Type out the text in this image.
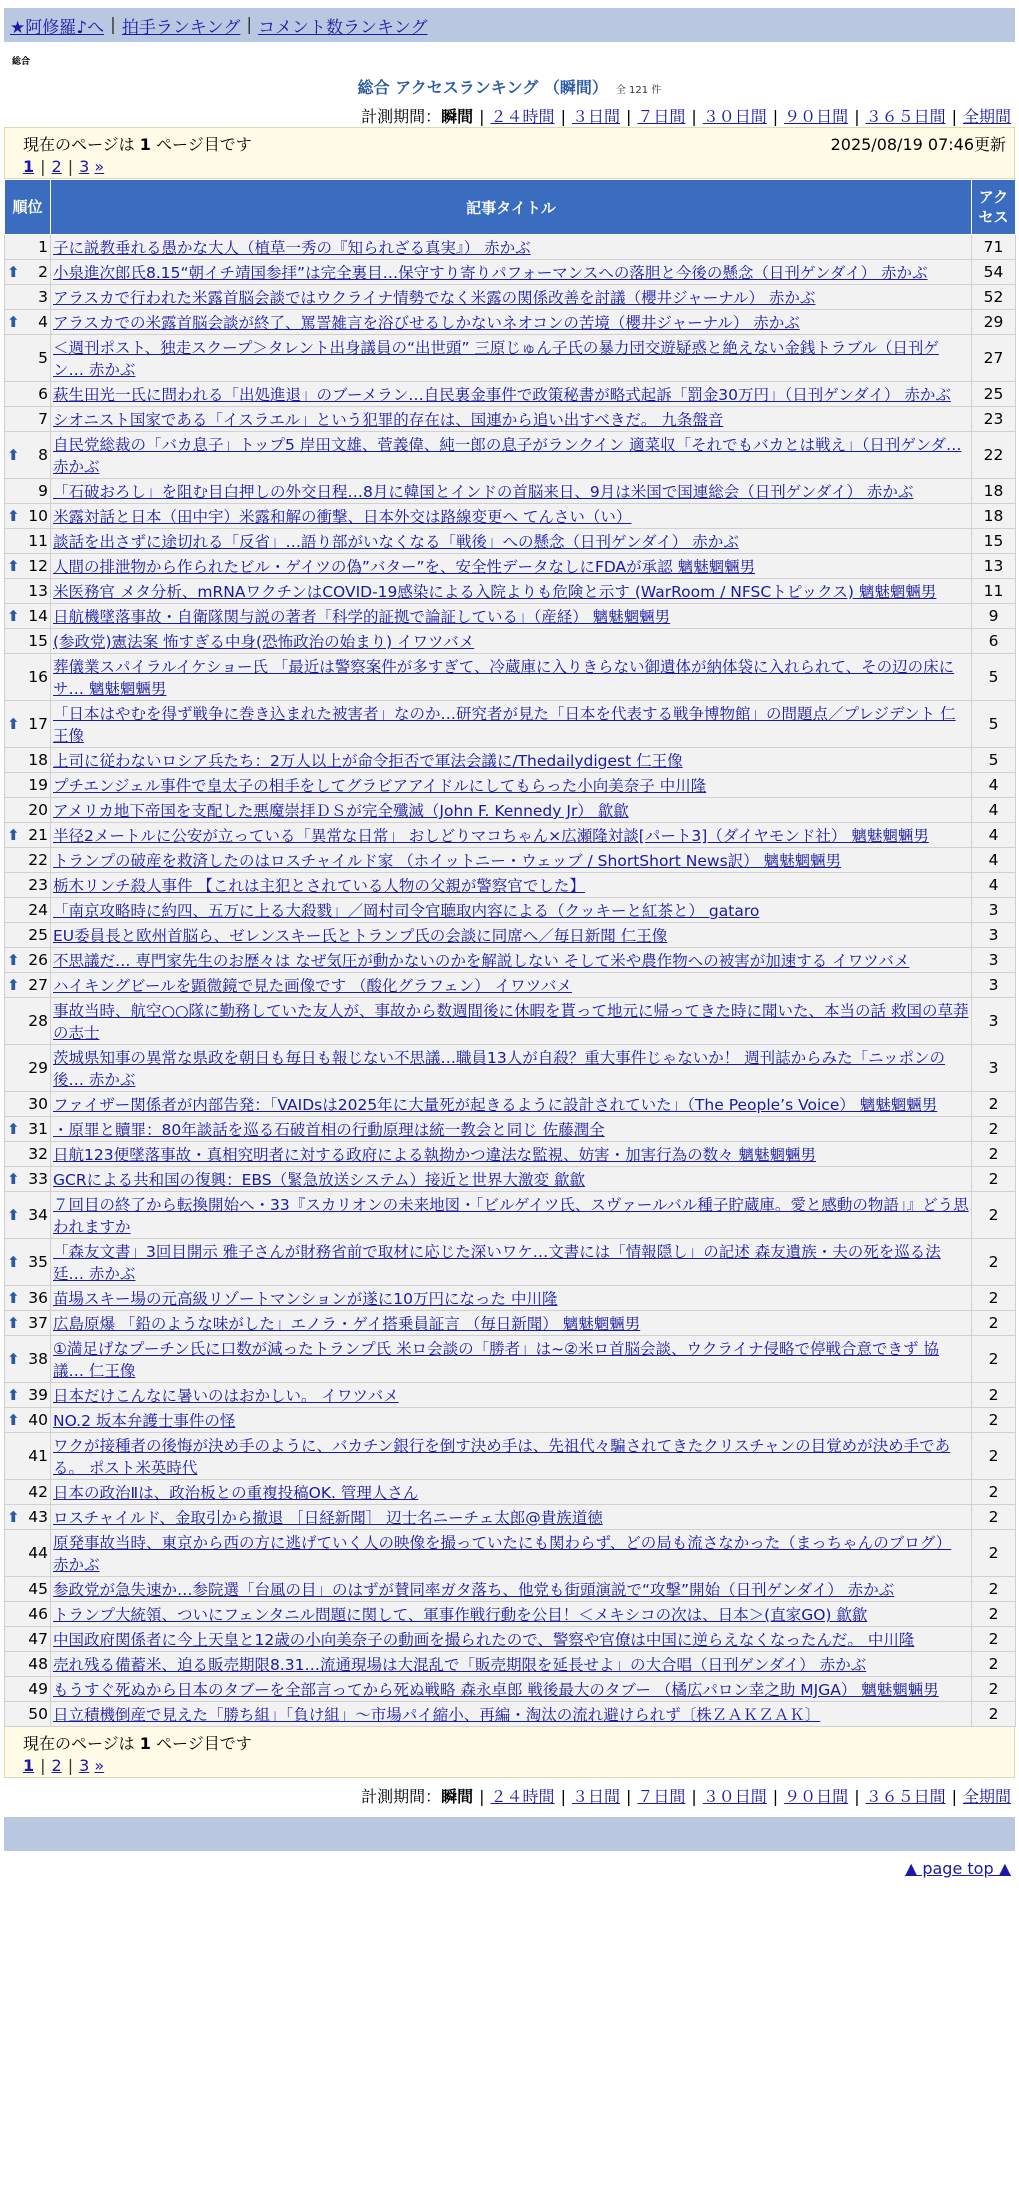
★阿修羅♪へ | 拍手ランキング | コメント数ランキング
総合
総合 アクセスランキング （瞬間） 全 121 件
計測期間：瞬間 | ２４時間 | ３日間 | ７日間 | ３０日間 | ９０日間 | ３６５日間 | 全期間
現在のページは 1 ページ目です	2025/08/19 07:46更新
1 | 2 | 3 »
順位	記事タイトル	アクセス
1	子に説教垂れる愚かな大人（植草一秀の『知られざる真実』） 赤かぶ	71

⬆ 2	小泉進次郎氏8.15“朝イチ靖国参拝”は完全裏目…保守すり寄りパフォーマンスへの落胆と今後の懸念（日刊ゲンダイ） 赤かぶ	54
3	アラスカで行われた米露首脳会談ではウクライナ情勢でなく米露の関係改善を討議（櫻井ジャーナル） 赤かぶ	52

⬆ 4	アラスカでの米露首脳会談が終了、罵詈雑言を浴びせるしかないネオコンの苦境（櫻井ジャーナル） 赤かぶ	29
5	＜週刊ポスト、独走スクープ＞タレント出身議員の“出世頭” 三原じゅん子氏の暴力団交遊疑惑と絶えない金銭トラブル（日刊ゲン… 赤かぶ	27
6	萩生田光一氏に問われる「出処進退」のブーメラン…自民裏金事件で政策秘書が略式起訴「罰金30万円」（日刊ゲンダイ） 赤かぶ	25
7	シオニスト国家である「イスラエル」という犯罪的存在は、国連から追い出すべきだ。 九条盤音	23

⬆ 8	自民党総裁の「バカ息子」トップ5 岸田文雄、菅義偉、純一郎の息子がランクイン 適菜収「それでもバカとは戦え」（日刊ゲンダ… 赤かぶ	22
9	「石破おろし」を阻む目白押しの外交日程…8月に韓国とインドの首脳来日、9月は米国で国連総会（日刊ゲンダイ） 赤かぶ	18

⬆ 10	米露対話と日本（田中宇）米露和解の衝撃、日本外交は路線変更へ てんさい（い）	18
11	談話を出さずに途切れる「反省」…語り部がいなくなる「戦後」への懸念（日刊ゲンダイ） 赤かぶ	15

⬆ 12	人間の排泄物から作られたビル・ゲイツの偽”バター”を、安全性データなしにFDAが承認 魑魅魍魎男	13
13	米医務官 メタ分析、mRNAワクチンはCOVID-19感染による入院よりも危険と示す (WarRoom / NFSCトピックス) 魑魅魍魎男	11

⬆ 14	日航機墜落事故・自衛隊関与説の著者「科学的証拠で論証している」（産経） 魑魅魍魎男	9
15	(参政党)憲法案 怖すぎる中身(恐怖政治の始まり) イワツバメ	6
16	葬儀業スパイラルイケショー氏 「最近は警察案件が多すぎて、冷蔵庫に入りきらない御遺体が納体袋に入れられて、その辺の床にサ… 魑魅魍魎男	5

⬆ 17	「日本はやむを得ず戦争に巻き込まれた被害者」なのか…研究者が見た「日本を代表する戦争博物館」の問題点／プレジデント 仁王像	5
18	上司に従わないロシア兵たち：2万人以上が命令拒否で軍法会議に/Thedailydigest 仁王像	5
19	プチエンジェル事件で皇太子の相手をしてグラビアアイドルにしてもらった小向美奈子 中川隆	4
20	アメリカ地下帝国を支配した悪魔崇拝ＤＳが完全殲滅（John F. Kennedy Jr） 歙歙	4

⬆ 21	半径2メートルに公安が立っている「異常な日常」 おしどりマコちゃん×広瀬隆対談[パート3]（ダイヤモンド社） 魑魅魍魎男	4
22	トランプの破産を救済したのはロスチャイルド家 （ホイットニー・ウェッブ / ShortShort News訳） 魑魅魍魎男	4
23	栃木リンチ殺人事件 【これは主犯とされている人物の父親が警察官でした】	4
24	「南京攻略時に約四、五万に上る大殺戮」／岡村司令官聴取内容による（クッキーと紅茶と） gataro	3
25	EU委員長と欧州首脳ら、ゼレンスキー氏とトランプ氏の会談に同席へ／毎日新聞 仁王像	3

⬆ 26	不思議だ… 専門家先生のお歴々は なぜ気圧が動かないのかを解説しない そして米や農作物への被害が加速する イワツバメ	3

⬆ 27	ハイキングビールを顕微鏡で見た画像です （酸化グラフェン） イワツバメ	3
28	事故当時、航空○○隊に勤務していた友人が、事故から数週間後に休暇を貰って地元に帰ってきた時に聞いた、本当の話 救国の草莽の志士	3
29	茨城県知事の異常な県政を朝日も毎日も報じない不思議…職員13人が自殺？重大事件じゃないか！ 週刊誌からみた「ニッポンの後… 赤かぶ	3
30	ファイザー関係者が内部告発：「VAIDsは2025年に大量死が起きるように設計されていた」（The People’s Voice） 魑魅魍魎男	2

⬆ 31	・原罪と贖罪：80年談話を巡る石破首相の行動原理は統一教会と同じ 佐藤潤全	2
32	日航123便墜落事故・真相究明者に対する政府による執拗かつ違法な監視、妨害・加害行為の数々 魑魅魍魎男	2

⬆ 33	GCRによる共和国の復興：EBS（緊急放送システム）接近と世界大激変 歙歙	2

⬆ 34	７回目の終了から転換開始へ・33『スカリオンの未来地図・「ビルゲイツ氏、スヴァールバル種子貯蔵庫。愛と感動の物語」』どう思われますか	2

⬆ 35	「森友文書」3回目開示 雅子さんが財務省前で取材に応じた深いワケ…文書には「情報隠し」の記述 森友遺族・夫の死を巡る法廷… 赤かぶ	2

⬆ 36	苗場スキー場の元高級リゾートマンションが遂に10万円になった 中川隆	2

⬆ 37	広島原爆 「鉛のような味がした」エノラ・ゲイ搭乗員証言 （毎日新聞） 魑魅魍魎男	2

⬆ 38	①満足げなプーチン氏に口数が減ったトランプ氏 米ロ会談の「勝者」は~②米ロ首脳会談、ウクライナ侵略で停戦合意できず 協議… 仁王像	2

⬆ 39	日本だけこんなに暑いのはおかしい。 イワツバメ	2

⬆ 40	NO.2 坂本弁護士事件の怪	2
41	ワクが接種者の後悔が決め手のように、バカチン銀行を倒す決め手は、先祖代々騙されてきたクリスチャンの目覚めが決め手である。 ポスト米英時代	2
42	日本の政治Ⅱは、政治板との重複投稿OK. 管理人さん	2

⬆ 43	ロスチャイルド、金取引から撤退 ［日経新聞］ 辺士名ニーチェ太郎@貴族道徳	2
44	原発事故当時、東京から西の方に逃げていく人の映像を撮っていたにも関わらず、どの局も流さなかった（まっちゃんのブログ） 赤かぶ	2
45	参政党が急失速か…参院選「台風の目」のはずが賛同率ガタ落ち、他党も街頭演説で“攻撃”開始（日刊ゲンダイ） 赤かぶ	2
46	トランプ大統領、ついにフェンタニル問題に関して、軍事作戦行動を公目！＜メキシコの次は、日本＞(直家GO) 歙歙	2
47	中国政府関係者に今上天皇と12歳の小向美奈子の動画を撮られたので、警察や官僚は中国に逆らえなくなったんだ。 中川隆	2
48	売れ残る備蓄米、迫る販売期限8.31…流通現場は大混乱で「販売期限を延長せよ」の大合唱（日刊ゲンダイ） 赤かぶ	2
49	もうすぐ死ぬから日本のタブーを全部言ってから死ぬ戦略 森永卓郎 戦後最大のタブー （橘広パロン幸之助 MJGA） 魑魅魍魎男	2
50	日立積機倒産で見えた「勝ち組」「負け組」～市場パイ縮小、再編・淘汰の流れ避けられず〔株ＺＡＫＺＡＫ〕	2
現在のページは 1 ページ目です
1 | 2 | 3 »
計測期間：瞬間 | ２４時間 | ３日間 | ７日間 | ３０日間 | ９０日間 | ３６５日間 | 全期間
▲ page top ▲
